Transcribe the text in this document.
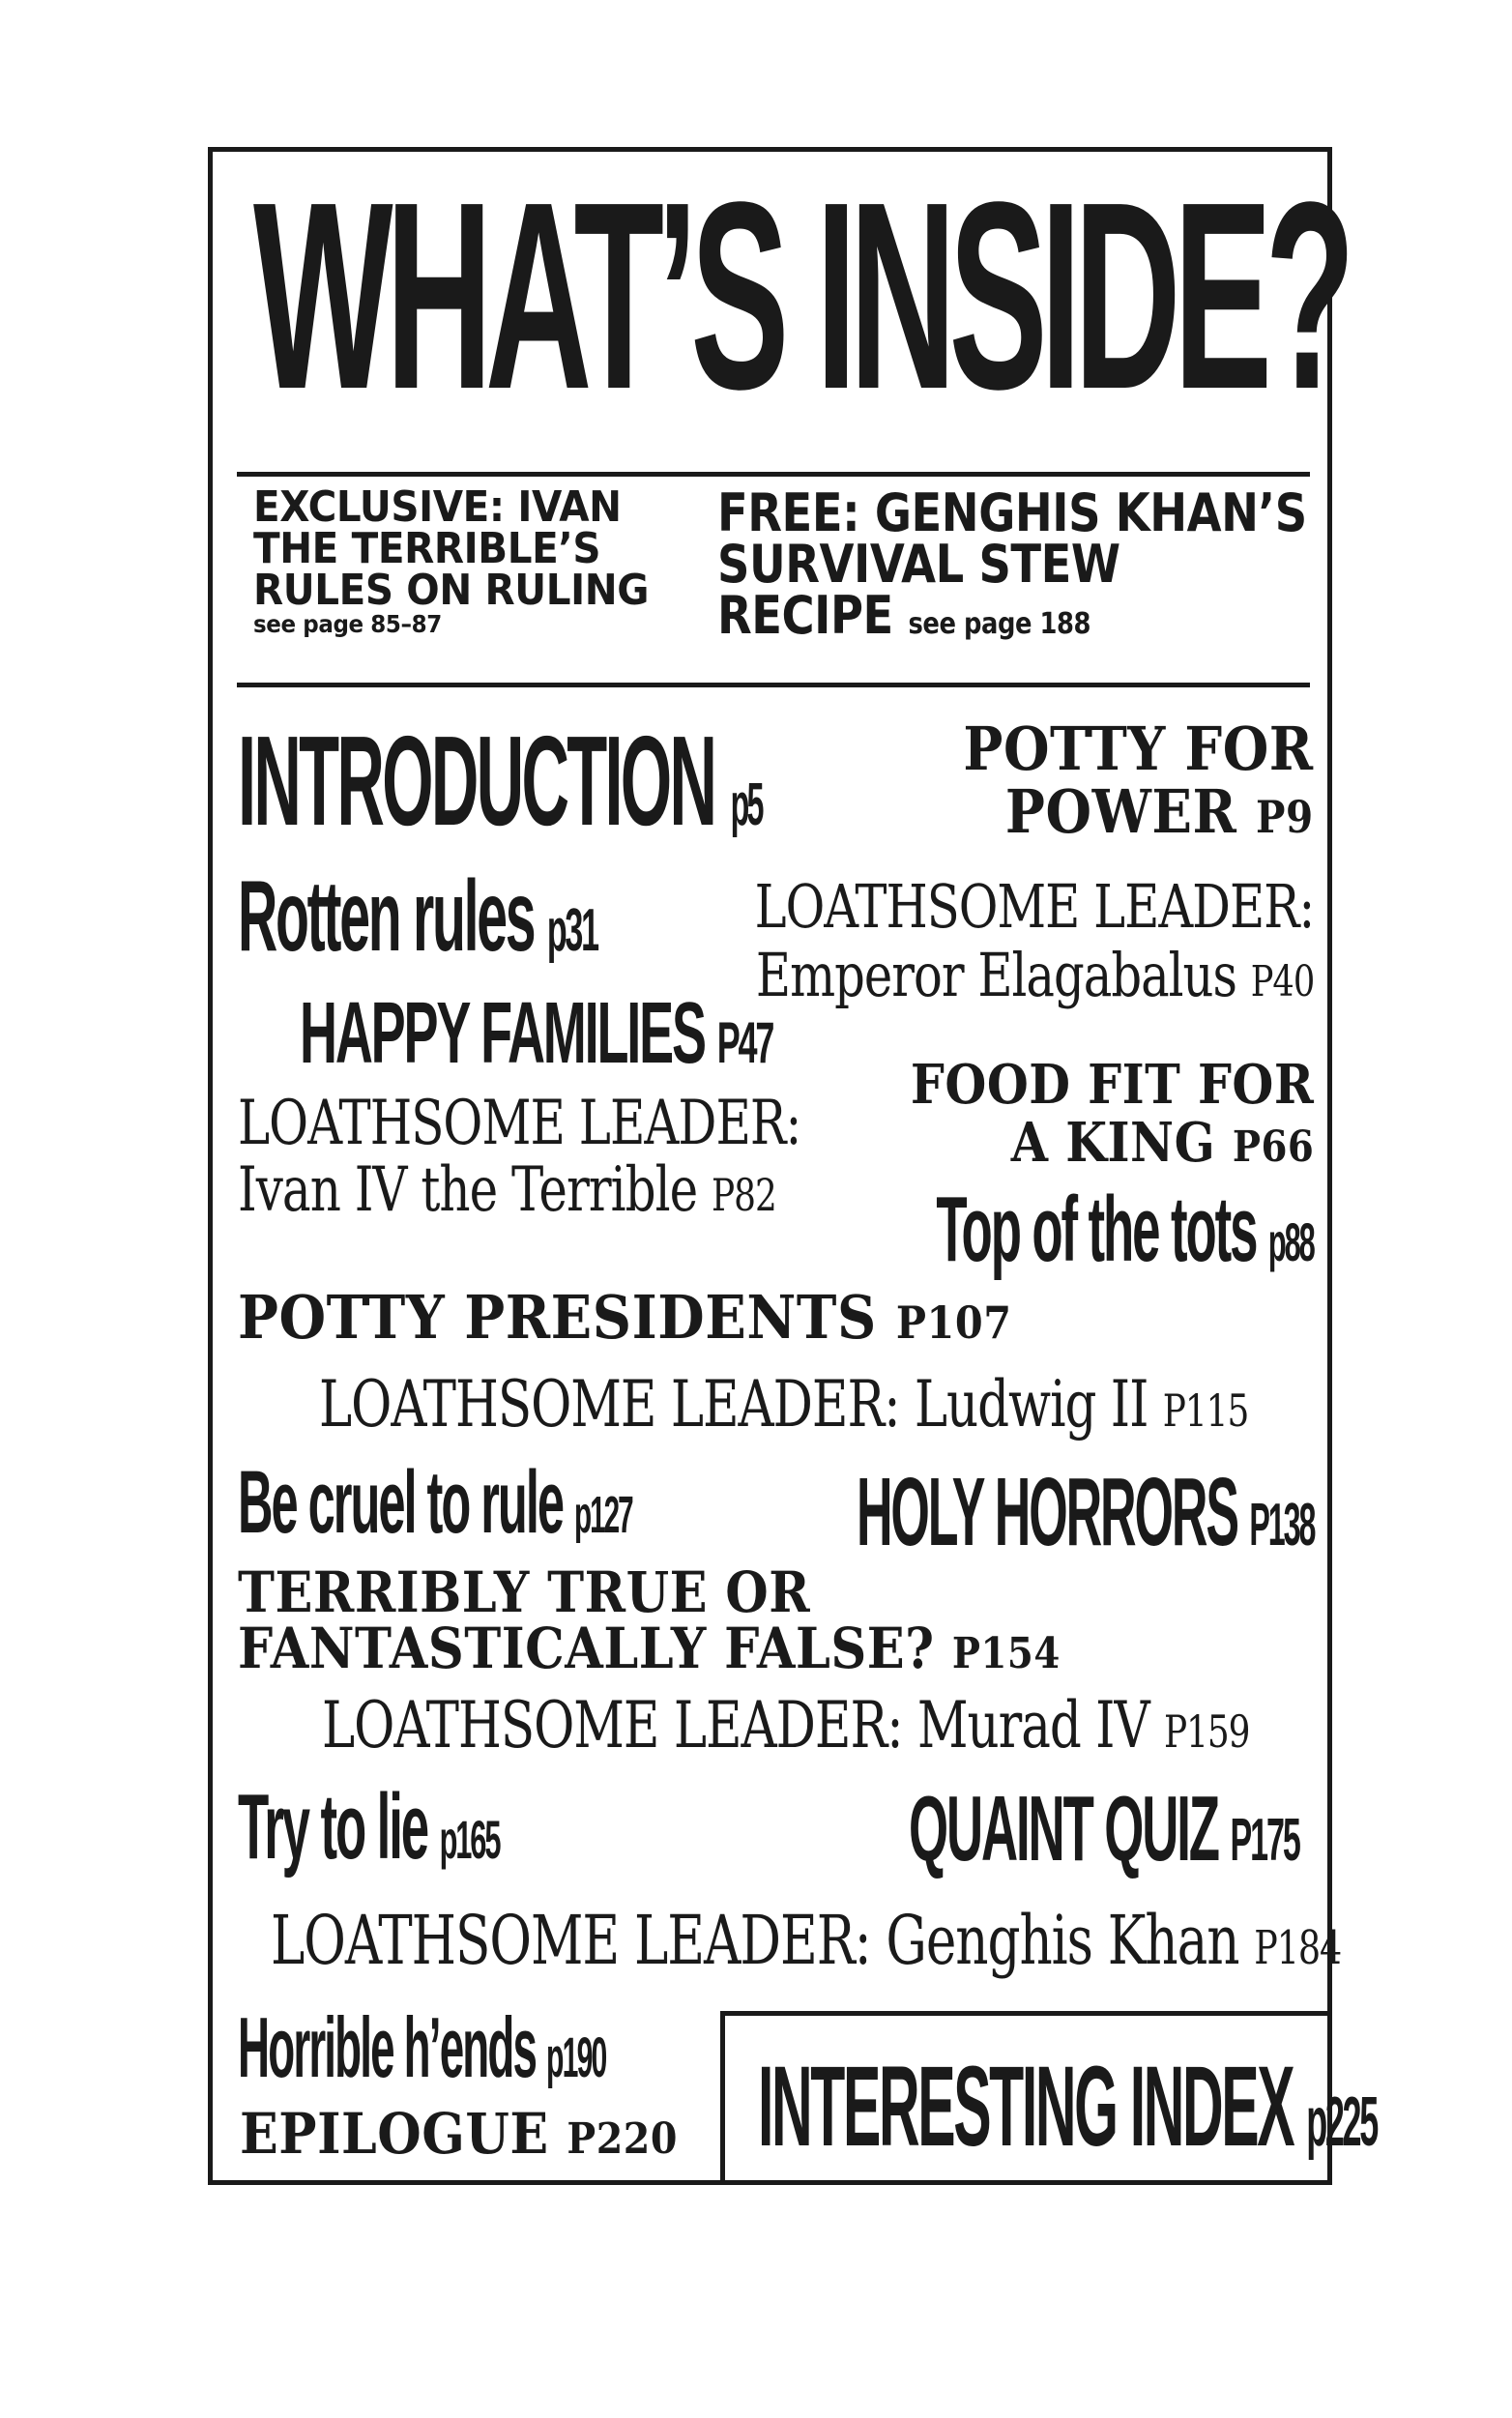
WHAT’S INSIDE?
EXCLUSIVE: IVAN
THE TERRIBLE’S
RULES ON RULING
see page 85–87
FREE: GENGHIS KHAN’S
SURVIVAL STEW
RECIPE see page 188
INTRODUCTION p5
POTTY FOR
POWER P9
Rotten rules p31	LOATHSOME LEADER:
Emperor Elagabalus P40
HAPPY FAMILIES P47
FOOD FIT FOR
A KING P66
LOATHSOME LEADER:
Ivan IV the Terrible P82 Top of the tots p88
POTTY PRESIDENTS P107
LOATHSOME LEADER: Ludwig II P115
Be cruel to rule p127 HOLY HORRORS P138
TERRIBLY TRUE OR
FANTASTICALLY FALSE? P154
LOATHSOME LEADER: Murad IV P159
Try to lie p165	QUAINT QUIZ P175
LOATHSOME LEADER: Genghis Khan P184
Horrible h’ends p190
EPILOGUE P220 INTERESTING INDEX p225
